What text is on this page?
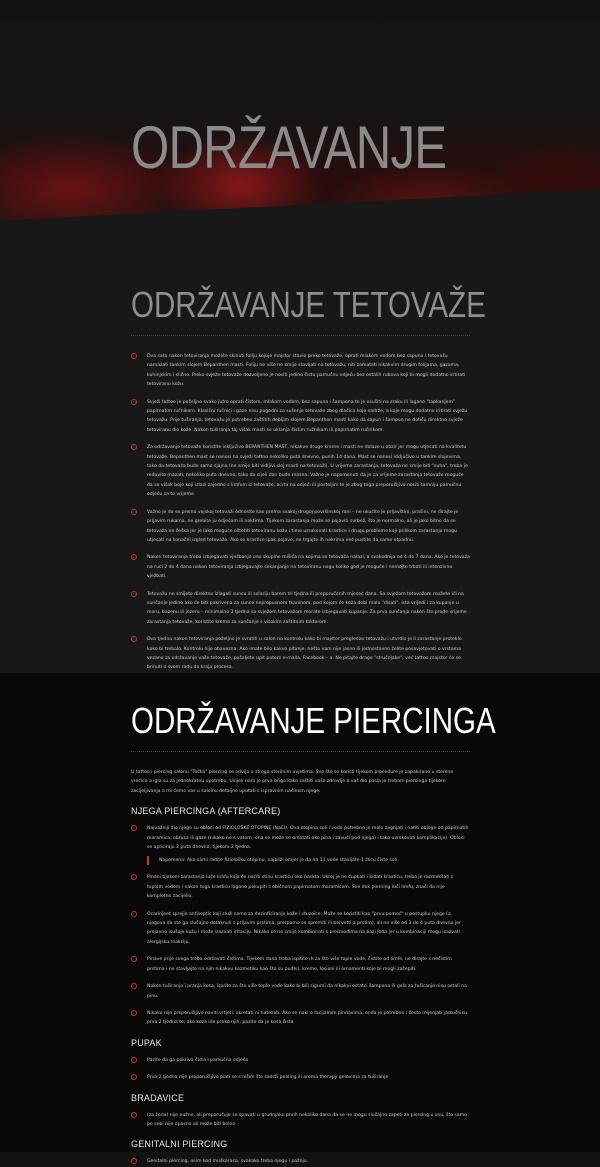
ODRŽAVANJE
ODRŽAVANJE TETOVAŽE
!	Dva sata nakon tetoviranja možete skinuti foliju kojuje majstor stavio preko tetovaže, oprati mlakom vodom bez sapuna i tetovažu namazati tankim slojem Bepanthen masti. Foliju ne više ne smije stavljati na tetovažu, niti zamatati nikakvim drugim folijama, gazama, kuhinjskim i slično. Preko svježe tetovaže dozvoljeno je nositi jedino čistu pamučnu odjeću bez ostalih rubova koji bi mogli dodatno iritirati tetoviranu kožu.
!	Svježi tattoo je poželjno svako jutro oprati čistom, mlakom vodom, bez sapuna i šampona te je osušiti na zraku ili lagano "tapkanjem" papirnatim ručnikom. Klasični ručnici i gaze nisu pogodni za sušenje tetovaže zbog dlačica koje sadrže, a koje mogu dodatno iritirati svježu tetovažu. Prije tuširanja, tetovažu je potrebno zaštititi debljim slojem Bepanthen masti kako da sapun i šampon ne dotiču direktno svježe tetoviranu dio kože. Nakon tuširanja taj višak masti se uklanja čistim ručnikom ili papirnatim ručnikom.
!	Za održavanje tetovaže koristite isključivo BEPANTHEN MAST, nikakve druge kreme i masti ne dolaze u obzir jer mogu utjecati na kvalitetu tetovaže. Bepanthen mast se nanosi na svježi tattoo nekoliko puta dnevno, punih 14 dana. Mast se nanosi isključivo u tankim slojevima, tako da tetovaža bude samo sjajna (ne smije biti vidljivi sloj masti na tetovaži). U vrijeme zarastanja, tetovaža ne smije biti "suha", treba je redovito mazati, nekoliko puta dnevno, tako da cijeli dan bude masna. Važno je napomenuti da je za vrijeme zarastanja tetovaže moguće da se višak boje koji izlazi zajedno s limfom iz tetovaže, ocrta na odjeći ili posteljini te je zbog toga preporučljivo nositi tamniju pamučnu odjeću za to vrijeme.
!	Važno je da se prema vojskoj tetovaži odnosite kao prema svakoj drugoj površinskoj rani – ne ukućite je prljavštini, prašini, ne dirajte je prljavim rukama, ne grebite ju odjećom ili noktima. Tijekom zarastanja može se pojaviti svrbež, što je normalno, ali je jako bitno da se tetovaža ne češka jer je lako moguće oštetiti tetoviranu kožu i time uzrokovati krastice i druge probleme koji prilikom zarastanja mogu utjecati na konačni izgled tetovaže. Ako se krastice ipak pojave, ne trgajte ih nekrima već pustite da same otpadnu.
!	Nakon tetoviranja treba izbjegavati vježbanje ono skupine mišića na kojima se tetovaža nalazi, a svakodnija od 4 do 7 dana. Ako je tetovaža na ruci 2 do 4 dana nakon tetoviranja izbjegavajte sekanjanje na tetoviranu nogu koliko god je moguće i nemojte trbati ili intenzivno vježbati.
!	Tetovažu ne smijete direktno izlagati suncu ili solariju barem tri tjedna ili preporučenih mjesec dana. Sa svježom tetovažom možete ići na sunčanje jedino ako će biti pokrivena za sunce nepropusnom tkaninom, pod kojom će koža dobi malo "disati". Ista vrijedi i za kupanje u moru, bazenu ili jezeru – minimalno 3 tjedna sa svježom tetovažom morate izbjegavati kupanje. Za prva sunčanja nakon što prođe vrijeme zarastanja tetovaže, koristite kreme za sunčanje s visokim zaštitnim faktorom.
!	Dva tjedna nakon tetoviranja poželjno je svratiti u salon na kontrolu kako bi majstor pregledao tetovažu i utvrdio je li zarastanje proteklo kako bi trebalo. Kontrolu nije obavezna. Ako imate bilo kakvo pitanje, nešto vam nije jasno ili jednostavno želite posavjetovati o vrstama vezano za održavanje vaše tetovaže, pošaljete upit putem e-maila, Facebook – a. Ne pitajte drage "stručnjake", već tattoo majstor će se brinuti o svom radu do kraja procesa.

ODRŽAVANJE PIERCINGA

U tattoo i piercing salonu "Točka" piercing se odvija u strogo sterilnim uvjetima. Sve što se koristi tijekom procedure je zapakirano u sterilne vrećice a igla su za jednokratnu upotrebu. Uvijek nam je prva briga kako zaštiti vaše zdravlje a vaš dio posla je trebam piercinga tijekom zacijeljivanja a mi ćemo vas u saloinu detaljno uputati s ispravnim načinom njege.

NJEGA PIERCINGA (AFTERCARE)
!	Najvažniji dio njege su obloci od FIZIOLOŠKE OTOPINE (NaCl). Ova otopina soli i vode potrebno je malo zagrijati i natiti obloge od papirnatih maramica, obrusa ili gaze (nikako ne s vatom -ona se može se omotati oko pina i zavući pod njega) i tako uzrokovati komplikacije). Obloci se apliciraju 2 puta dnevno, tijekom 2 tjedna.
Napomena: Ako sami radite fiziološku otopinu, najbliži omjer je da na 11 vode stavljate 1 žlicu čiste soli.
!	Pinani tijekom zarastanja luče limfu koja će naćiti stinu krasticu oko naskta. Ukroj je ne čupkati i kidati krasticu, treba je razmekšati s toplom vodom i nakon toga krasticu lagano pokupiti s običnom papirnatom maramicom. Sve dok pierning luči limfu, znači da nije kompletno zacijelio.
!	Ocarinjeet sprejje antiseptic koji služi samo za dezinficiranje kože i stuzoice. Može se koristiti kao "prvu pomoć" u postupku njege (a njegova da ste ga slučajno dotaknuli s prljavim prstima, prerpamo se spremiti ili bervetti a prstim), ali ne više od 3 do 4 puta dnevno jer prejavno isušuje kožu i može izazvati iritaciju. Nikako se ne smije kombinirati s preizvođima na bazi joda jer u kombinaciji mogu izazvati alergijsku reakciju.
!	Pinave prije svega treba održavati čistima. Tijekom dana treba ispitite ih za što više tople vode, čistite od limfe, ne dirajte s nečistim prstima i ne stavljajte na njih nikakvu kozmetiku kao što su puderi, kreme, losioni ili ornamenti koje bi mogli začepiti.
!	Nakon tuširanja i pranja kosa, isprite za što više tople vode kako bi bili sigurni da nikakvi ostatci šampona ili gela za tuširanje nisu ostali na pinu.
!	Nikako nije preporučljivo naviti vrtjeti, okretati ni natezati. Ako se naki o facijalnim pinnavima, onda je potrebno i često mijenjati jastučnicu prva 2 tjedna te, ako koza ide preko njih, pazite da je kosa čista.
PUPAK
!	Pazite da ga pokriva čista i pamučna odjeća
!	Prva 2 tjedna nije preporučljivo piati se s nišim što sadrži peeling ili aroma therapy gelovima za tuširanje
BRADAVICE
!	(za žene) nije nužno, ali preporučuje se spavati u grudnjaku prvih nekoliko dana da se ne mogu slučajno zapeti za piercing u snu, što samo po sebi nije opasno ali može biti bolno
GENITALNI PIERCING
!	Genitalni piercing, osim kod muškaraca, svakako treba njegu i pažnju.
